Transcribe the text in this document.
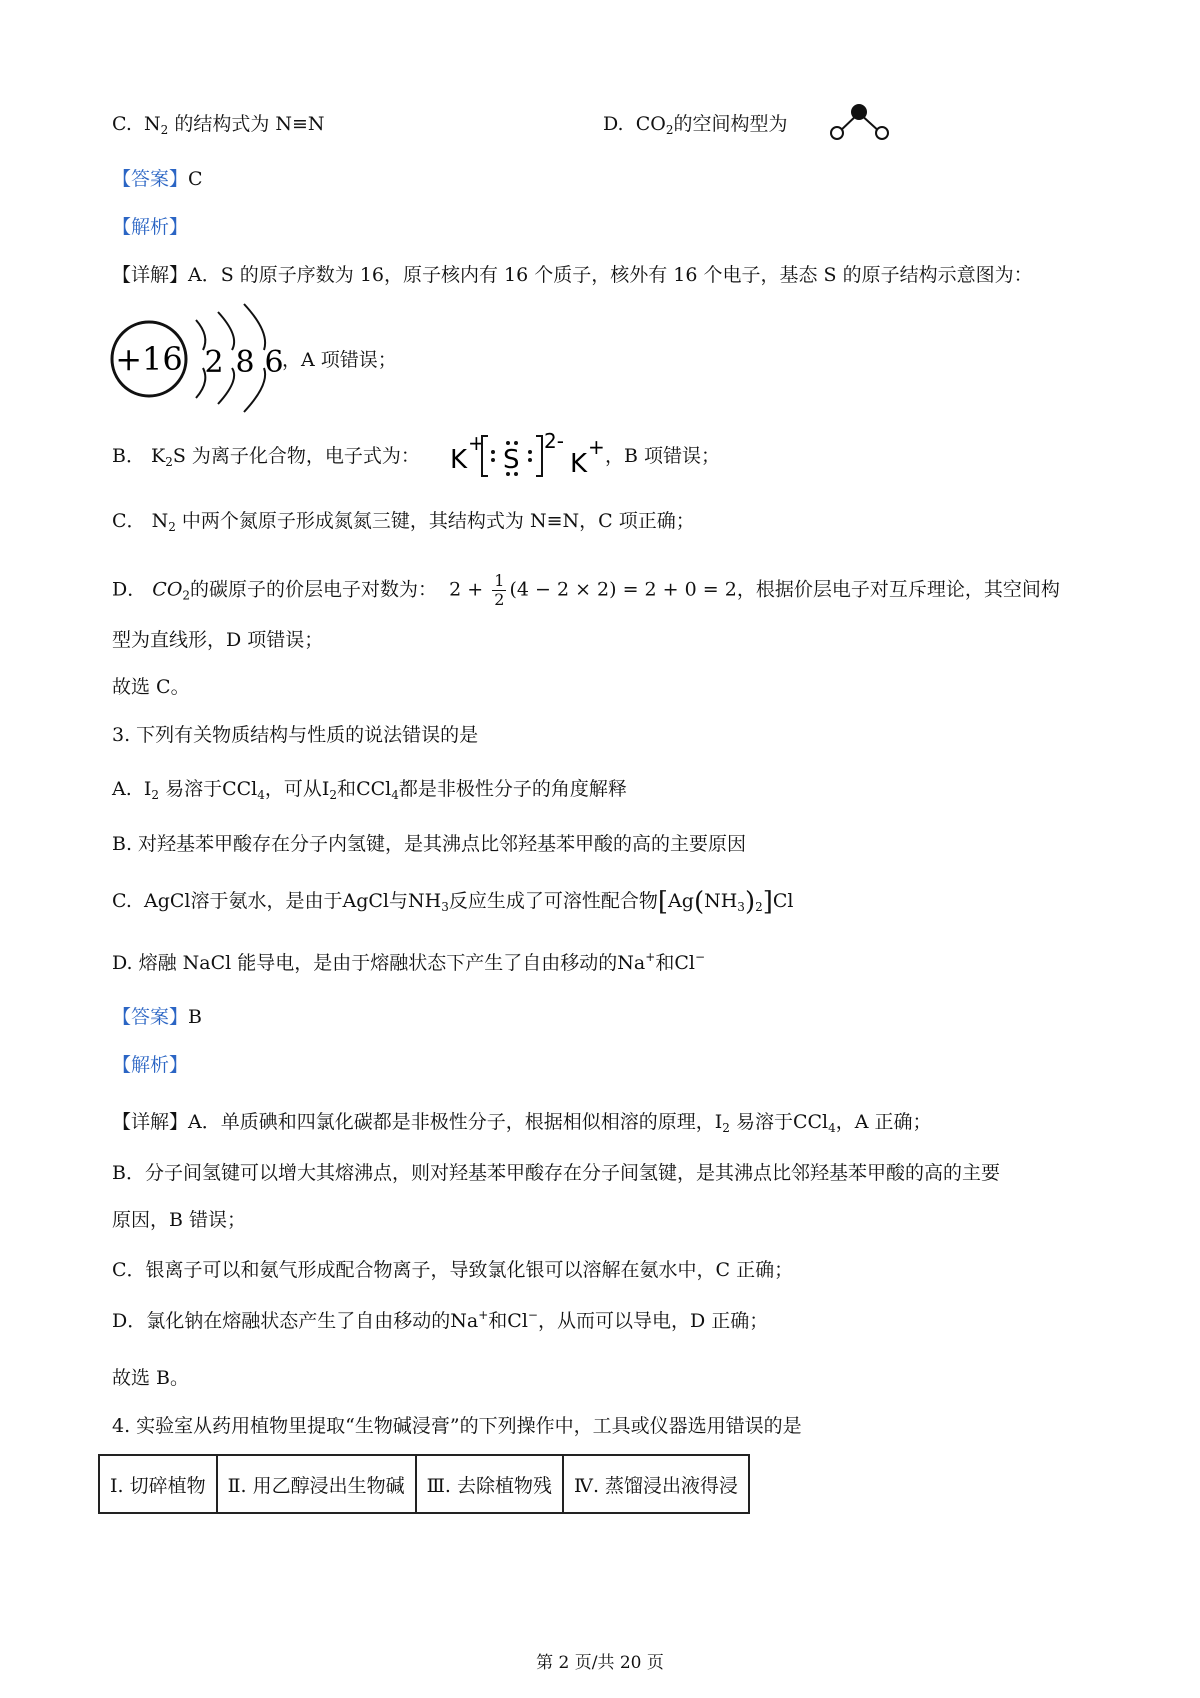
C. $N_2$ 的结构式为 N≡N	D. $CO_2$的空间构型为
【答案】C
【解析】
【详解】A．S 的原子序数为 16，原子核内有 16 个质子，核外有 16 个电子，基态 S 的原子结构示意图为：
+16 2 8 6
，A 项错误；
B． $K_2S$ 为离子化合物，电子式为： K
+
S
2-
K
+ ，B 项错误；
C． $N_2$ 中两个氮原子形成氮氮三键，其结构式为 N≡N，C 项正确；
D． $CO_2$的碳原子的价层电子对数为： $2 + \frac{1}{2} (4 - 2 \times 2) = 2 + 0 = 2$，根据价层电子对互斥理论，其空间构
型为直线形，D 项错误；
故选 C。
3. 下列有关物质结构与性质的说法错误的是
A. $I_2$ 易溶于CCl$_4$，可从$I_2$和CCl$_4$都是非极性分子的角度解释
B. 对羟基苯甲酸存在分子内氢键，是其沸点比邻羟基苯甲酸的高的主要原因
C. AgCl溶于氨水，是由于AgCl与$NH_3$反应生成了可溶性配合物$[Ag(NH_3)_2]Cl$
D. 熔融 NaCl 能导电，是由于熔融状态下产生了自由移动的Na+和Cl−
【答案】B
【解析】
【详解】A．单质碘和四氯化碳都是非极性分子，根据相似相溶的原理，$I_2$ 易溶于CCl$_4$，A 正确；
B．分子间氢键可以增大其熔沸点，则对羟基苯甲酸存在分子间氢键，是其沸点比邻羟基苯甲酸的高的主要
原因，B 错误；
C．银离子可以和氨气形成配合物离子，导致氯化银可以溶解在氨水中，C 正确；
D．氯化钠在熔融状态产生了自由移动的Na+和Cl−，从而可以导电，D 正确；
故选 B。
4. 实验室从药用植物里提取“生物碱浸膏”的下列操作中，工具或仪器选用错误的是
I. 切碎植物	Ⅱ. 用乙醇浸出生物碱	Ⅲ. 去除植物残	Ⅳ. 蒸馏浸出液得浸
第 2 页/共 20 页
